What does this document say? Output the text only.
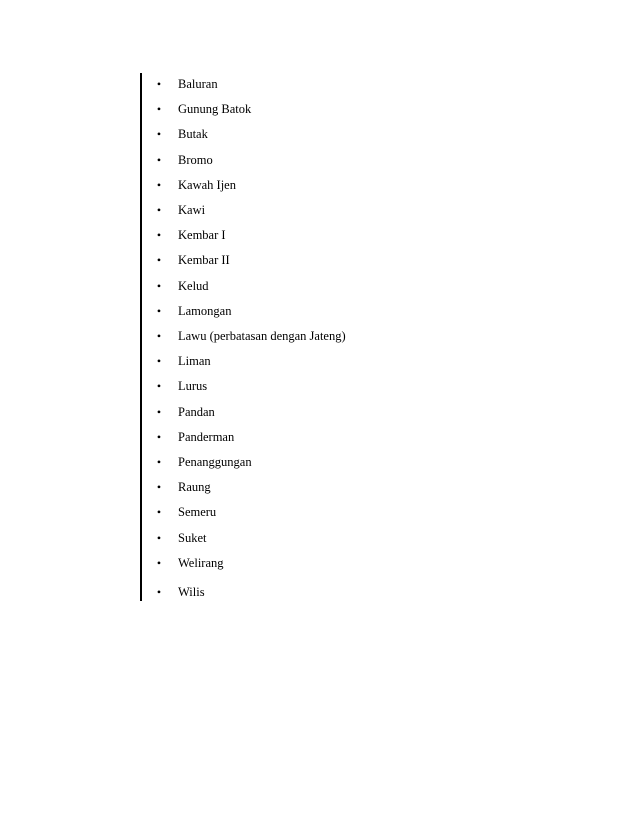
•	Baluran
•	Gunung Batok
•	Butak
•	Bromo
•	Kawah Ijen
•	Kawi
•	Kembar I
•	Kembar II
•	Kelud
•	Lamongan
•	Lawu (perbatasan dengan Jateng)
•	Liman
•	Lurus
•	Pandan
•	Panderman
•	Penanggungan
•	Raung
•	Semeru
•	Suket
•	Welirang
•	Wilis
